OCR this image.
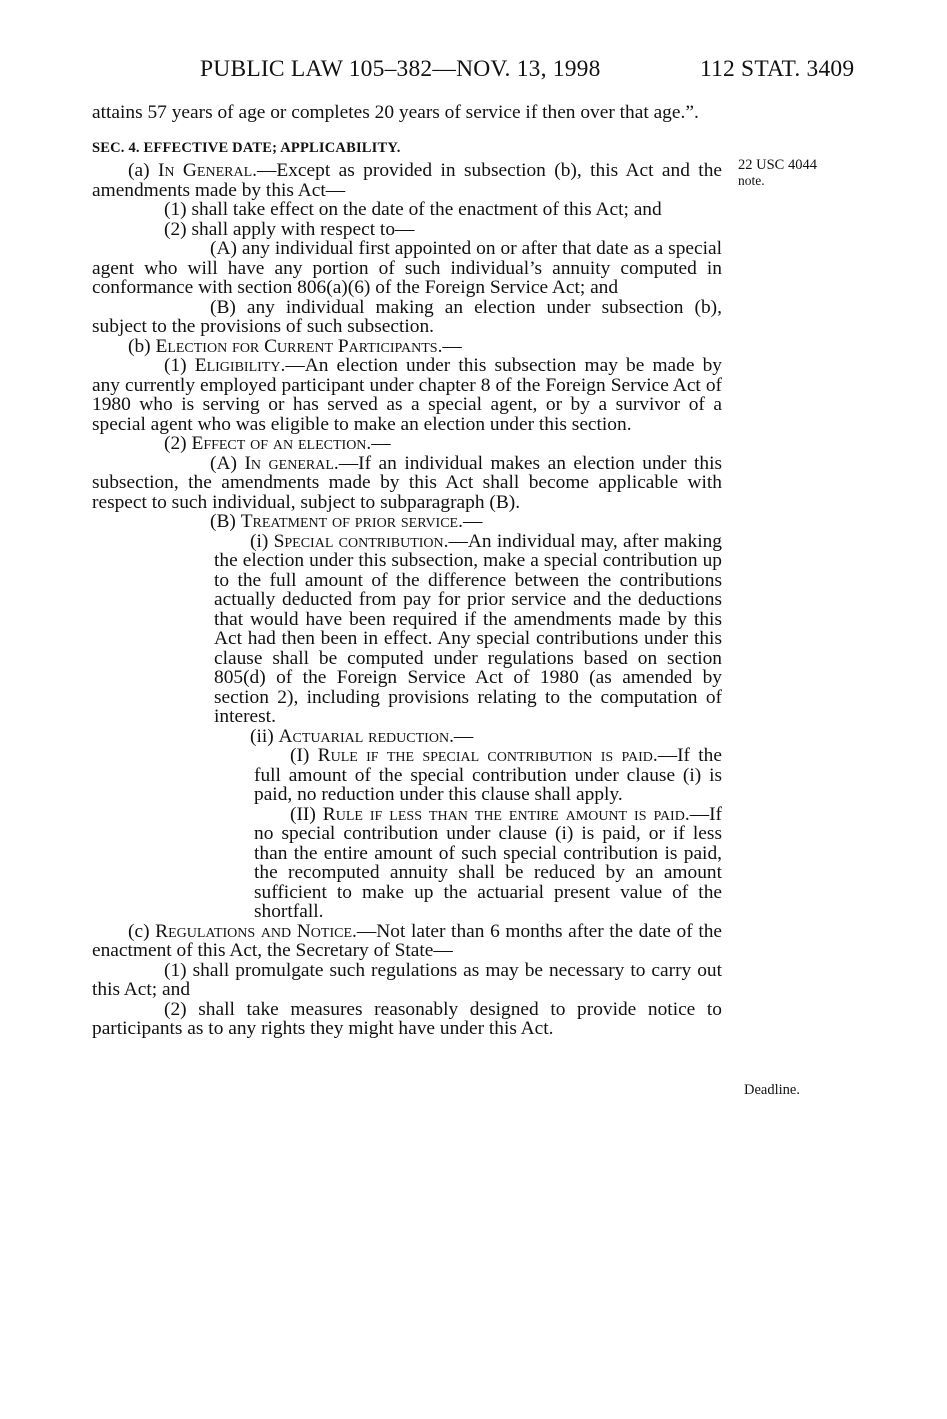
PUBLIC LAW 105–382—NOV. 13, 1998	112 STAT. 3409
22 USC 4044
note.
Deadline.

attains 57 years of age or completes 20 years of service if then over that age.”.

SEC. 4. EFFECTIVE DATE; APPLICABILITY.

(a) In General.—Except as provided in subsection (b), this Act and the amendments made by this Act—

(1) shall take effect on the date of the enactment of this Act; and

(2) shall apply with respect to—

(A) any individual first appointed on or after that date as a special agent who will have any portion of such individual’s annuity computed in conformance with section 806(a)(6) of the Foreign Service Act; and

(B) any individual making an election under subsection (b), subject to the provisions of such subsection.

(b) Election for Current Participants.—

(1) Eligibility.—An election under this subsection may be made by any currently employed participant under chapter 8 of the Foreign Service Act of 1980 who is serving or has served as a special agent, or by a survivor of a special agent who was eligible to make an election under this section.

(2) Effect of an election.—

(A) In general.—If an individual makes an election under this subsection, the amendments made by this Act shall become applicable with respect to such individual, subject to subparagraph (B).

(B) Treatment of prior service.—

(i) Special contribution.—An individual may, after making the election under this subsection, make a special contribution up to the full amount of the difference between the contributions actually deducted from pay for prior service and the deductions that would have been required if the amendments made by this Act had then been in effect. Any special contributions under this clause shall be computed under regulations based on section 805(d) of the Foreign Service Act of 1980 (as amended by section 2), including provisions relating to the computation of interest.

(ii) Actuarial reduction.—

(I) Rule if the special contribution is paid.—If the full amount of the special contribution under clause (i) is paid, no reduction under this clause shall apply.

(II) Rule if less than the entire amount is paid.—If no special contribution under clause (i) is paid, or if less than the entire amount of such special contribution is paid, the recomputed annuity shall be reduced by an amount sufficient to make up the actuarial present value of the shortfall.

(c) Regulations and Notice.—Not later than 6 months after the date of the enactment of this Act, the Secretary of State—

(1) shall promulgate such regulations as may be necessary to carry out this Act; and

(2) shall take measures reasonably designed to provide notice to participants as to any rights they might have under this Act.
